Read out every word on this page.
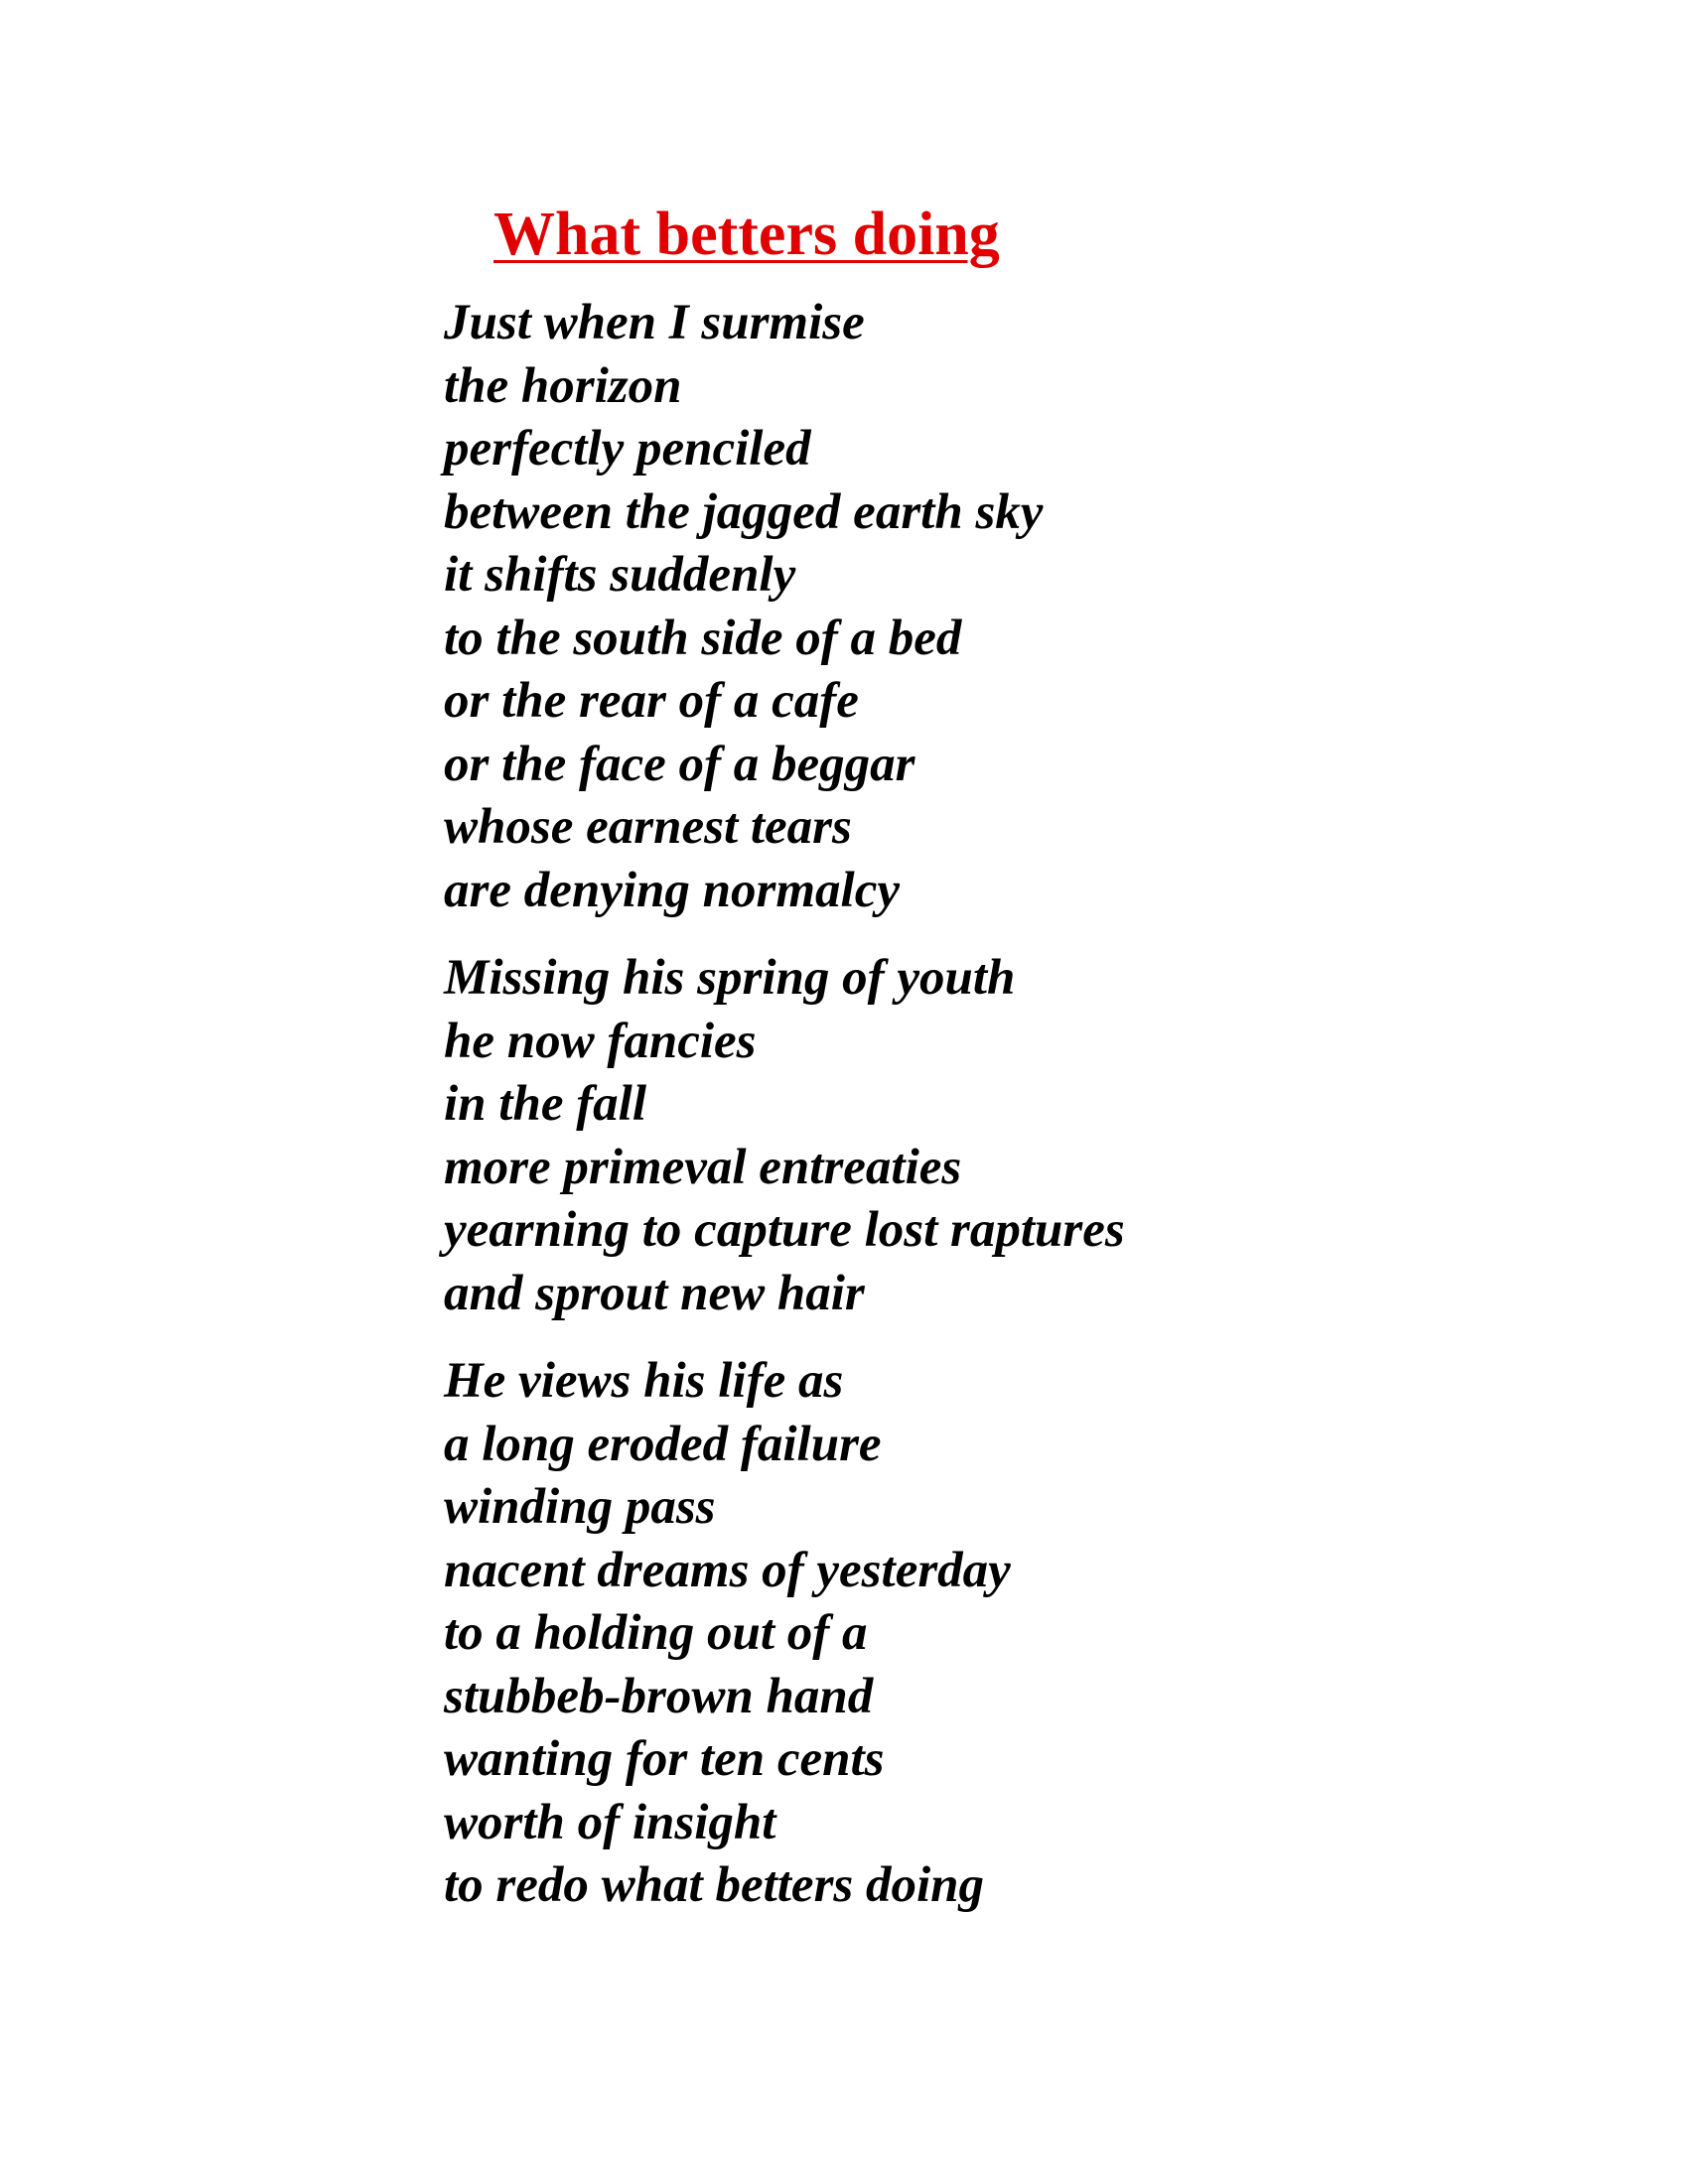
What betters doing
Just when I surmise
the horizon
perfectly penciled
between the jagged earth sky
it shifts suddenly
to the south side of a bed
or the rear of a cafe
or the face of a beggar
whose earnest tears
are denying normalcy
Missing his spring of youth
he now fancies
in the fall
more primeval entreaties
yearning to capture lost raptures
and sprout new hair
He views his life as
a long eroded failure
winding pass
nacent dreams of yesterday
to a holding out of a
stubbeb-brown hand
wanting for ten cents
worth of insight
to redo what betters doing
